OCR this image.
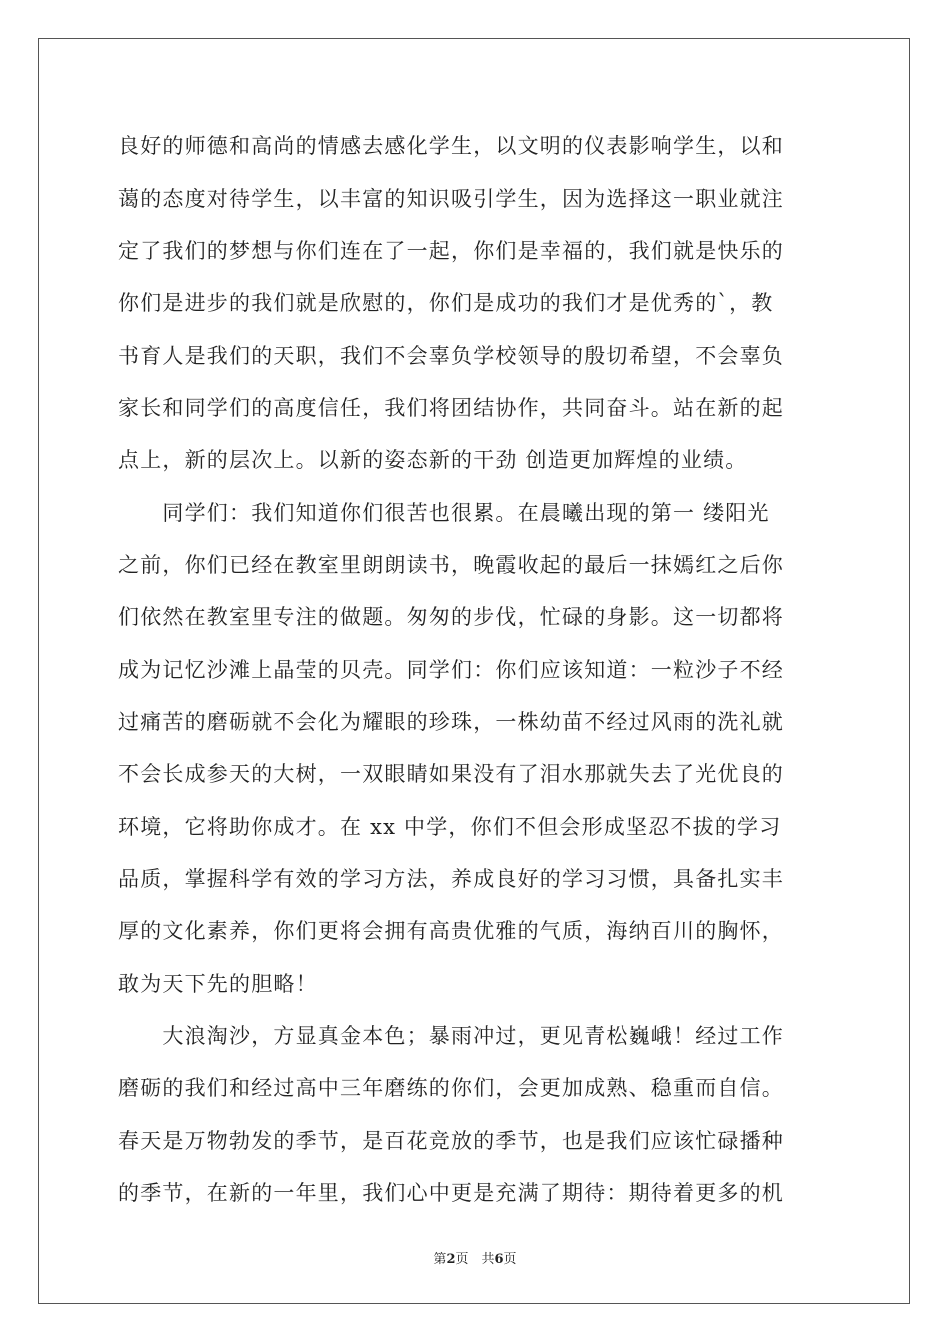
良好的师德和高尚的情感去感化学生，以文明的仪表影响学生，以和
蔼的态度对待学生，以丰富的知识吸引学生，因为选择这一职业就注
定了我们的梦想与你们连在了一起，你们是幸福的，我们就是快乐的
你们是进步的我们就是欣慰的，你们是成功的我们才是优秀的`，教
书育人是我们的天职，我们不会辜负学校领导的殷切希望，不会辜负
家长和同学们的高度信任，我们将团结协作，共同奋斗。站在新的起
点上，新的层次上。以新的姿态新的干劲 创造更加辉煌的业绩。
　　同学们：我们知道你们很苦也很累。在晨曦出现的第一 缕阳光
之前，你们已经在教室里朗朗读书，晚霞收起的最后一抹嫣红之后你
们依然在教室里专注的做题。匆匆的步伐，忙碌的身影。这一切都将
成为记忆沙滩上晶莹的贝壳。同学们：你们应该知道：一粒沙子不经
过痛苦的磨砺就不会化为耀眼的珍珠，一株幼苗不经过风雨的洗礼就
不会长成参天的大树，一双眼睛如果没有了泪水那就失去了光优良的
环境，它将助你成才。在 xx 中学，你们不但会形成坚忍不拔的学习
品质，掌握科学有效的学习方法，养成良好的学习习惯，具备扎实丰
厚的文化素养，你们更将会拥有高贵优雅的气质，海纳百川的胸怀，
敢为天下先的胆略！
　　大浪淘沙，方显真金本色；暴雨冲过，更见青松巍峨！经过工作
磨砺的我们和经过高中三年磨练的你们，会更加成熟、稳重而自信。
春天是万物勃发的季节，是百花竞放的季节，也是我们应该忙碌播种
的季节，在新的一年里，我们心中更是充满了期待：期待着更多的机
第2页　共6页
